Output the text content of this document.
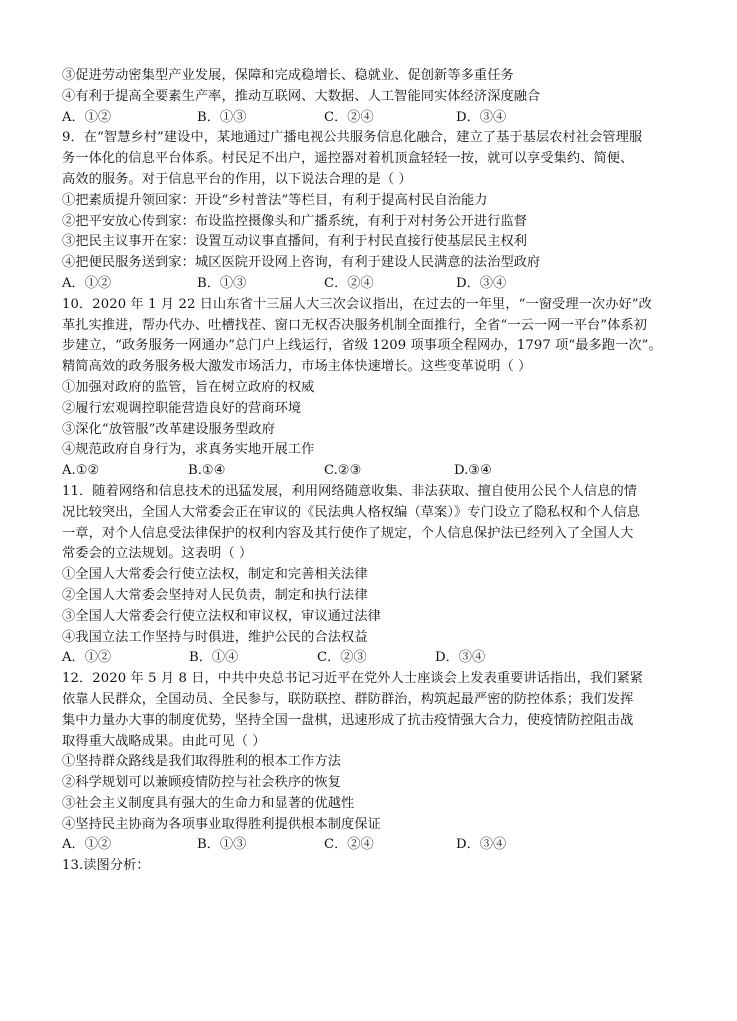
③促进劳动密集型产业发展，保障和完成稳增长、稳就业、促创新等多重任务
④有利于提高全要素生产率，推动互联网、大数据、人工智能同实体经济深度融合
A．①②	B．①③	C．②④	D．③④
9．在“智慧乡村”建设中，某地通过广播电视公共服务信息化融合，建立了基于基层农村社会管理服
务一体化的信息平台体系。村民足不出户，遥控器对着机顶盒轻轻一按，就可以享受集约、简便、
高效的服务。对于信息平台的作用，以下说法合理的是（ ）
①把素质提升领回家：开设“乡村普法”等栏目，有利于提高村民自治能力
②把平安放心传到家：布设监控摄像头和广播系统，有利于对村务公开进行监督
③把民主议事开在家：设置互动议事直播间，有利于村民直接行使基层民主权利
④把便民服务送到家：城区医院开设网上咨询，有利于建设人民满意的法治型政府
A．①②	B．①③	C．②④	D．③④
10．2020 年 1 月 22 日山东省十三届人大三次会议指出，在过去的一年里，“一窗受理一次办好”改
革扎实推进，帮办代办、吐槽找茬、窗口无权否决服务机制全面推行，全省“一云一网一平台”体系初
步建立，“政务服务一网通办”总门户上线运行，省级 1209 项事项全程网办，1797 项“最多跑一次”。
精简高效的政务服务极大激发市场活力，市场主体快速增长。这些变革说明（ ）
①加强对政府的监管，旨在树立政府的权威
②履行宏观调控职能营造良好的营商环境
③深化“放管服”改革建设服务型政府
④规范政府自身行为，求真务实地开展工作
A.①②	B.①④	C.②③	D.③④
11．随着网络和信息技术的迅猛发展，利用网络随意收集、非法获取、擅自使用公民个人信息的情
况比较突出，全国人大常委会正在审议的《民法典人格权编（草案）》专门设立了隐私权和个人信息
一章，对个人信息受法律保护的权利内容及其行使作了规定，个人信息保护法已经列入了全国人大
常委会的立法规划。这表明（ ）
①全国人大常委会行使立法权，制定和完善相关法律
②全国人大常委会坚持对人民负责，制定和执行法律
③全国人大常委会行使立法权和审议权，审议通过法律
④我国立法工作坚持与时俱进，维护公民的合法权益
A．①②	B．①④	C．②③	D．③④
12．2020 年 5 月 8 日，中共中央总书记习近平在党外人士座谈会上发表重要讲话指出，我们紧紧
依靠人民群众，全国动员、全民参与，联防联控、群防群治，构筑起最严密的防控体系；我们发挥
集中力量办大事的制度优势，坚持全国一盘棋，迅速形成了抗击疫情强大合力，使疫情防控阻击战
取得重大战略成果。由此可见（ ）
①坚持群众路线是我们取得胜利的根本工作方法
②科学规划可以兼顾疫情防控与社会秩序的恢复
③社会主义制度具有强大的生命力和显著的优越性
④坚持民主协商为各项事业取得胜利提供根本制度保证
A．①②	B．①③	C．②④	D．③④
13.读图分析：
